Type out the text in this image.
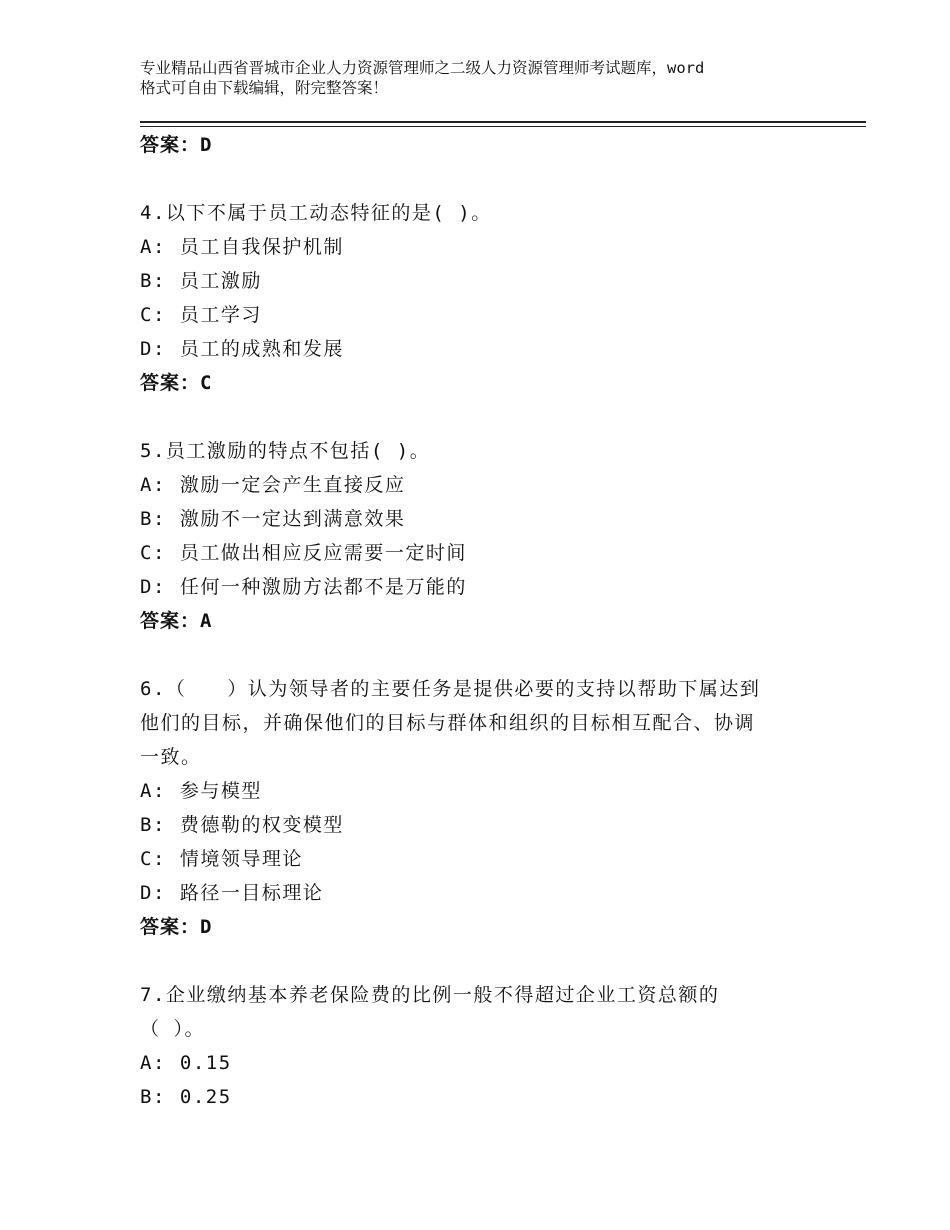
专业精品山西省晋城市企业人力资源管理师之二级人力资源管理师考试题库，word
格式可自由下载编辑，附完整答案！
答案：D
4.以下不属于员工动态特征的是( )。
A: 员工自我保护机制
B: 员工激励
C: 员工学习
D: 员工的成熟和发展
答案：C
5.员工激励的特点不包括( )。
A: 激励一定会产生直接反应
B: 激励不一定达到满意效果
C: 员工做出相应反应需要一定时间
D: 任何一种激励方法都不是万能的
答案：A
6.（　　）认为领导者的主要任务是提供必要的支持以帮助下属达到
他们的目标，并确保他们的目标与群体和组织的目标相互配合、协调
一致。
A: 参与模型
B: 费德勒的权变模型
C: 情境领导理论
D: 路径一目标理论
答案：D
7.企业缴纳基本养老保险费的比例一般不得超过企业工资总额的
（ ）。
A: 0.15
B: 0.25
